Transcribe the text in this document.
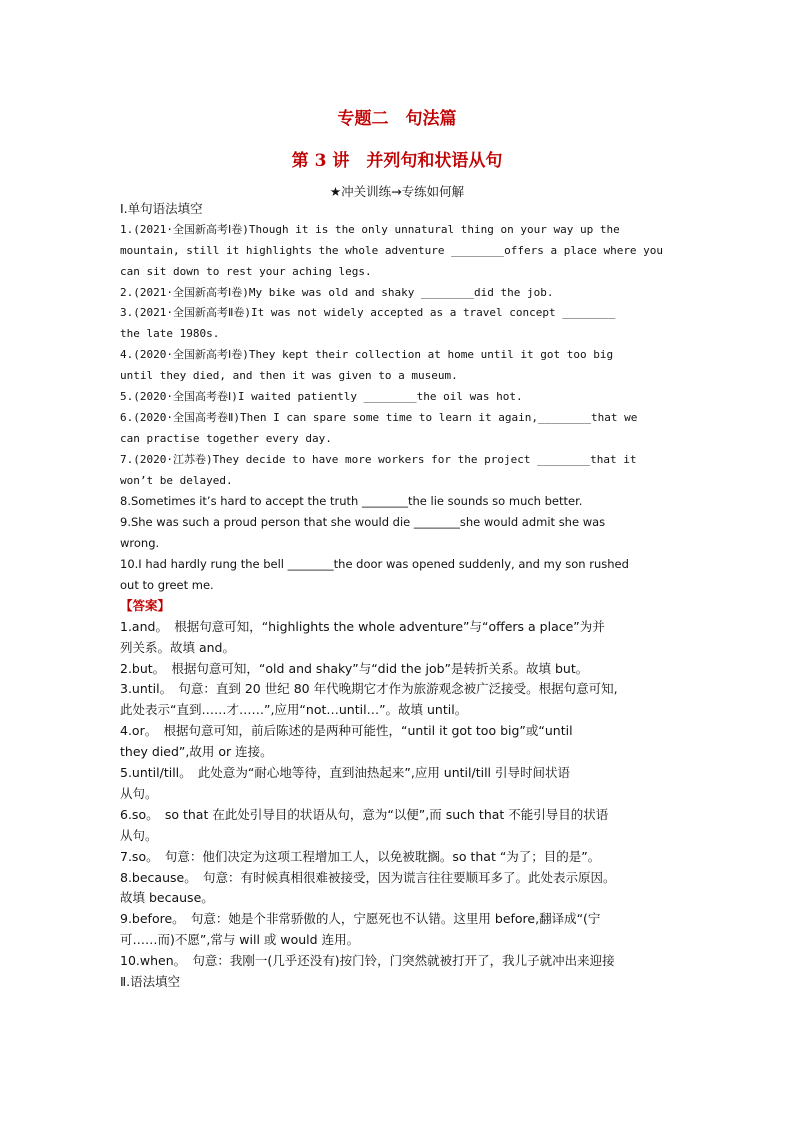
专题二　句法篇
第 3 讲　并列句和状语从句
★冲关训练→专练如何解
Ⅰ.单句语法填空
1.(2021·全国新高考Ⅰ卷)Though it is the only unnatural thing on your way up the
mountain, still it highlights the whole adventure ________offers a place where you
can sit down to rest your aching legs.
2.(2021·全国新高考Ⅰ卷)My bike was old and shaky ________did the job.
3.(2021·全国新高考Ⅱ卷)It was not widely accepted as a travel concept ________
the late 1980s.
4.(2020·全国新高考Ⅰ卷)They kept their collection at home until it got too big
until they died, and then it was given to a museum.
5.(2020·全国高考卷Ⅰ)I waited patiently ________the oil was hot.
6.(2020·全国高考卷Ⅱ)Then I can spare some time to learn it again,________that we
can practise together every day.
7.(2020·江苏卷)They decide to have more workers for the project ________that it
won’t be delayed.
8.Sometimes it’s hard to accept the truth ________the lie sounds so much better.
9.She was such a proud person that she would die ________she would admit she was
wrong.
10.I had hardly rung the bell ________the door was opened suddenly, and my son rushed
out to greet me.
【答案】
1.and。　根据句意可知，“highlights the whole adventure”与“offers a place”为并
列关系。故填 and。
2.but。　根据句意可知，“old and shaky”与“did the job”是转折关系。故填 but。
3.until。　句意：直到 20 世纪 80 年代晚期它才作为旅游观念被广泛接受。根据句意可知,
此处表示“直到……才……”,应用“not…until…”。故填 until。
4.or。　根据句意可知，前后陈述的是两种可能性，“until it got too big”或“until
they died”,故用 or 连接。
5.until/till。　此处意为“耐心地等待，直到油热起来”,应用 until/till 引导时间状语
从句。
6.so。　so that 在此处引导目的状语从句，意为“以便”,而 such that 不能引导目的状语
从句。
7.so。　句意：他们决定为这项工程增加工人，以免被耽搁。so that “为了；目的是”。
8.because。　句意：有时候真相很难被接受，因为谎言往往要顺耳多了。此处表示原因。
故填 because。
9.before。　句意：她是个非常骄傲的人，宁愿死也不认错。这里用 before,翻译成“(宁
可……而)不愿”,常与 will 或 would 连用。
10.when。　句意：我刚一(几乎还没有)按门铃，门突然就被打开了，我儿子就冲出来迎接
Ⅱ.语法填空
